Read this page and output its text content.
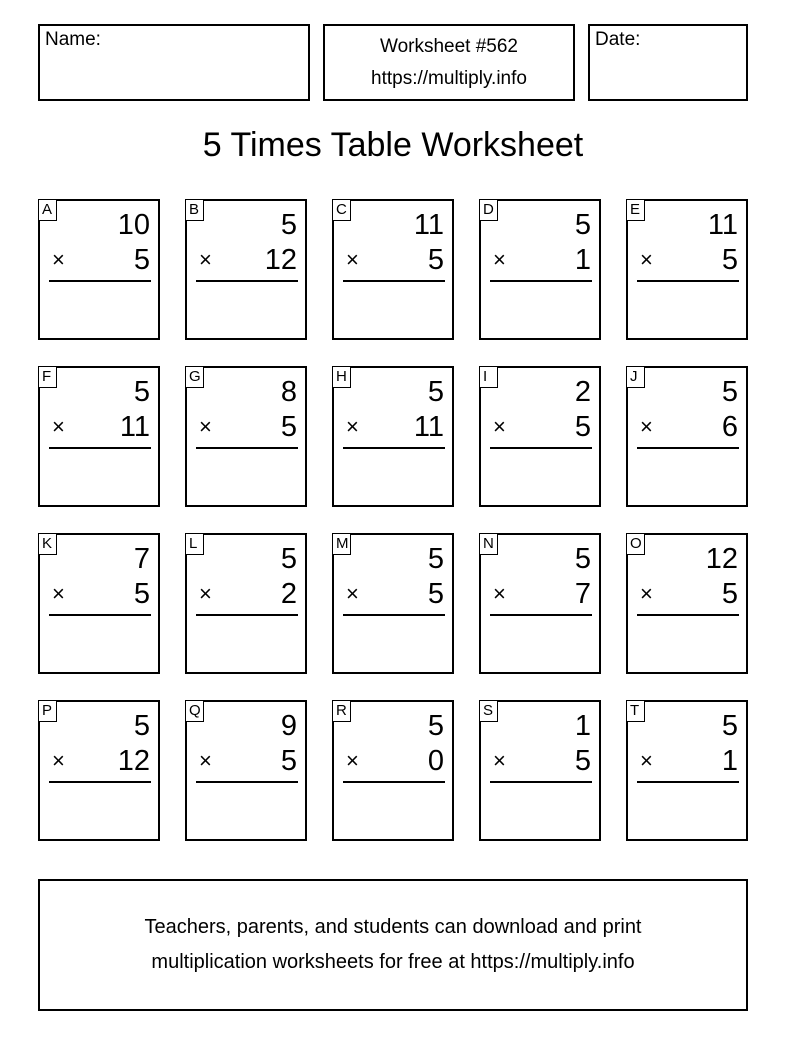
Name:	Worksheet #562
https://multiply.info
Date:
5 Times Table Worksheet
A 10
× 5
B	5
× 12
C 11
× 5
D	5
× 1
E 11
× 5
F	5
× 11
G	8
× 5
H	5
× 11
I	2
× 5
J	5
× 6
K	7
× 5
L	5
× 2
M	5
× 5
N	5
× 7
O 12
× 5
P	5
× 12
Q	9
× 5
R	5
× 0
S	1
× 5
T	5
× 1
Teachers, parents, and students can download and print
multiplication worksheets for free at https://multiply.info
